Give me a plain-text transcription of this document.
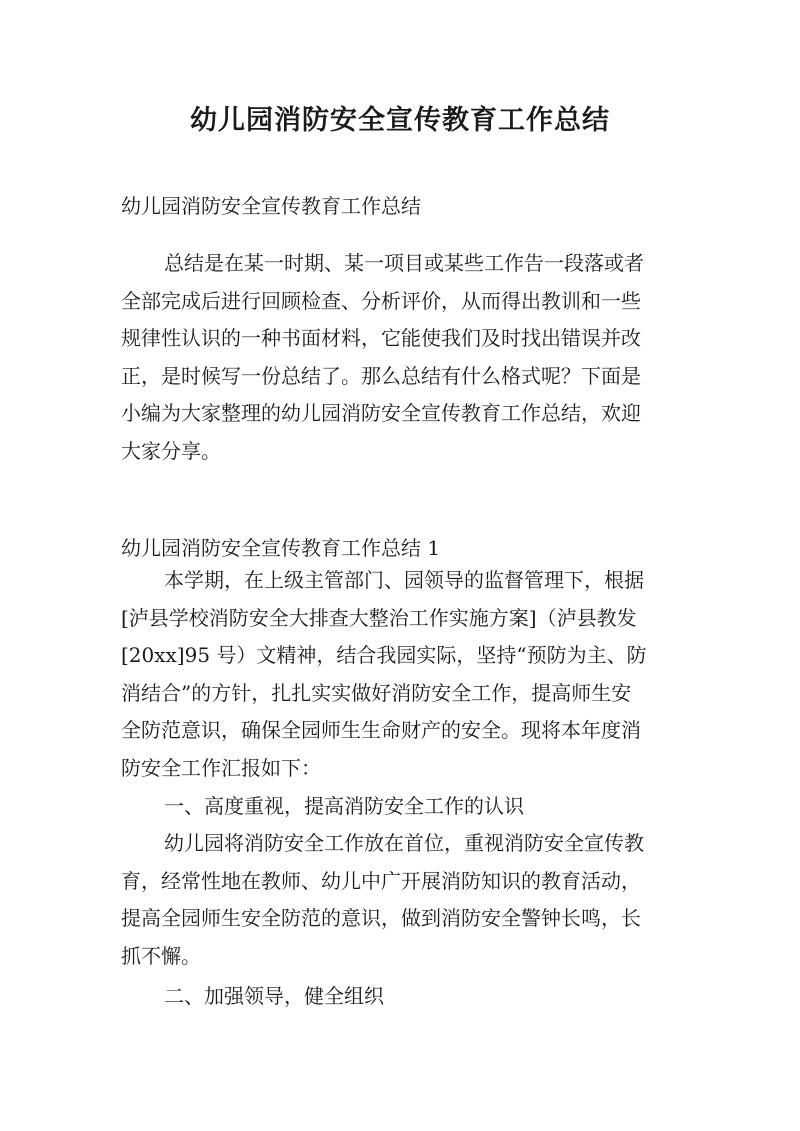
幼儿园消防安全宣传教育工作总结

幼儿园消防安全宣传教育工作总结

总结是在某一时期、某一项目或某些工作告一段落或者
全部完成后进行回顾检查、分析评价，从而得出教训和一些
规律性认识的一种书面材料，它能使我们及时找出错误并改
正，是时候写一份总结了。那么总结有什么格式呢？下面是
小编为大家整理的幼儿园消防安全宣传教育工作总结，欢迎
大家分享。

幼儿园消防安全宣传教育工作总结 1

本学期，在上级主管部门、园领导的监督管理下，根据
[泸县学校消防安全大排查大整治工作实施方案]（泸县教发
[20xx]95 号）文精神，结合我园实际，坚持“预防为主、防
消结合”的方针，扎扎实实做好消防安全工作，提高师生安
全防范意识，确保全园师生生命财产的安全。现将本年度消
防安全工作汇报如下：

一、高度重视，提高消防安全工作的认识

幼儿园将消防安全工作放在首位，重视消防安全宣传教
育，经常性地在教师、幼儿中广开展消防知识的教育活动，
提高全园师生安全防范的意识，做到消防安全警钟长鸣，长
抓不懈。

二、加强领导，健全组织
